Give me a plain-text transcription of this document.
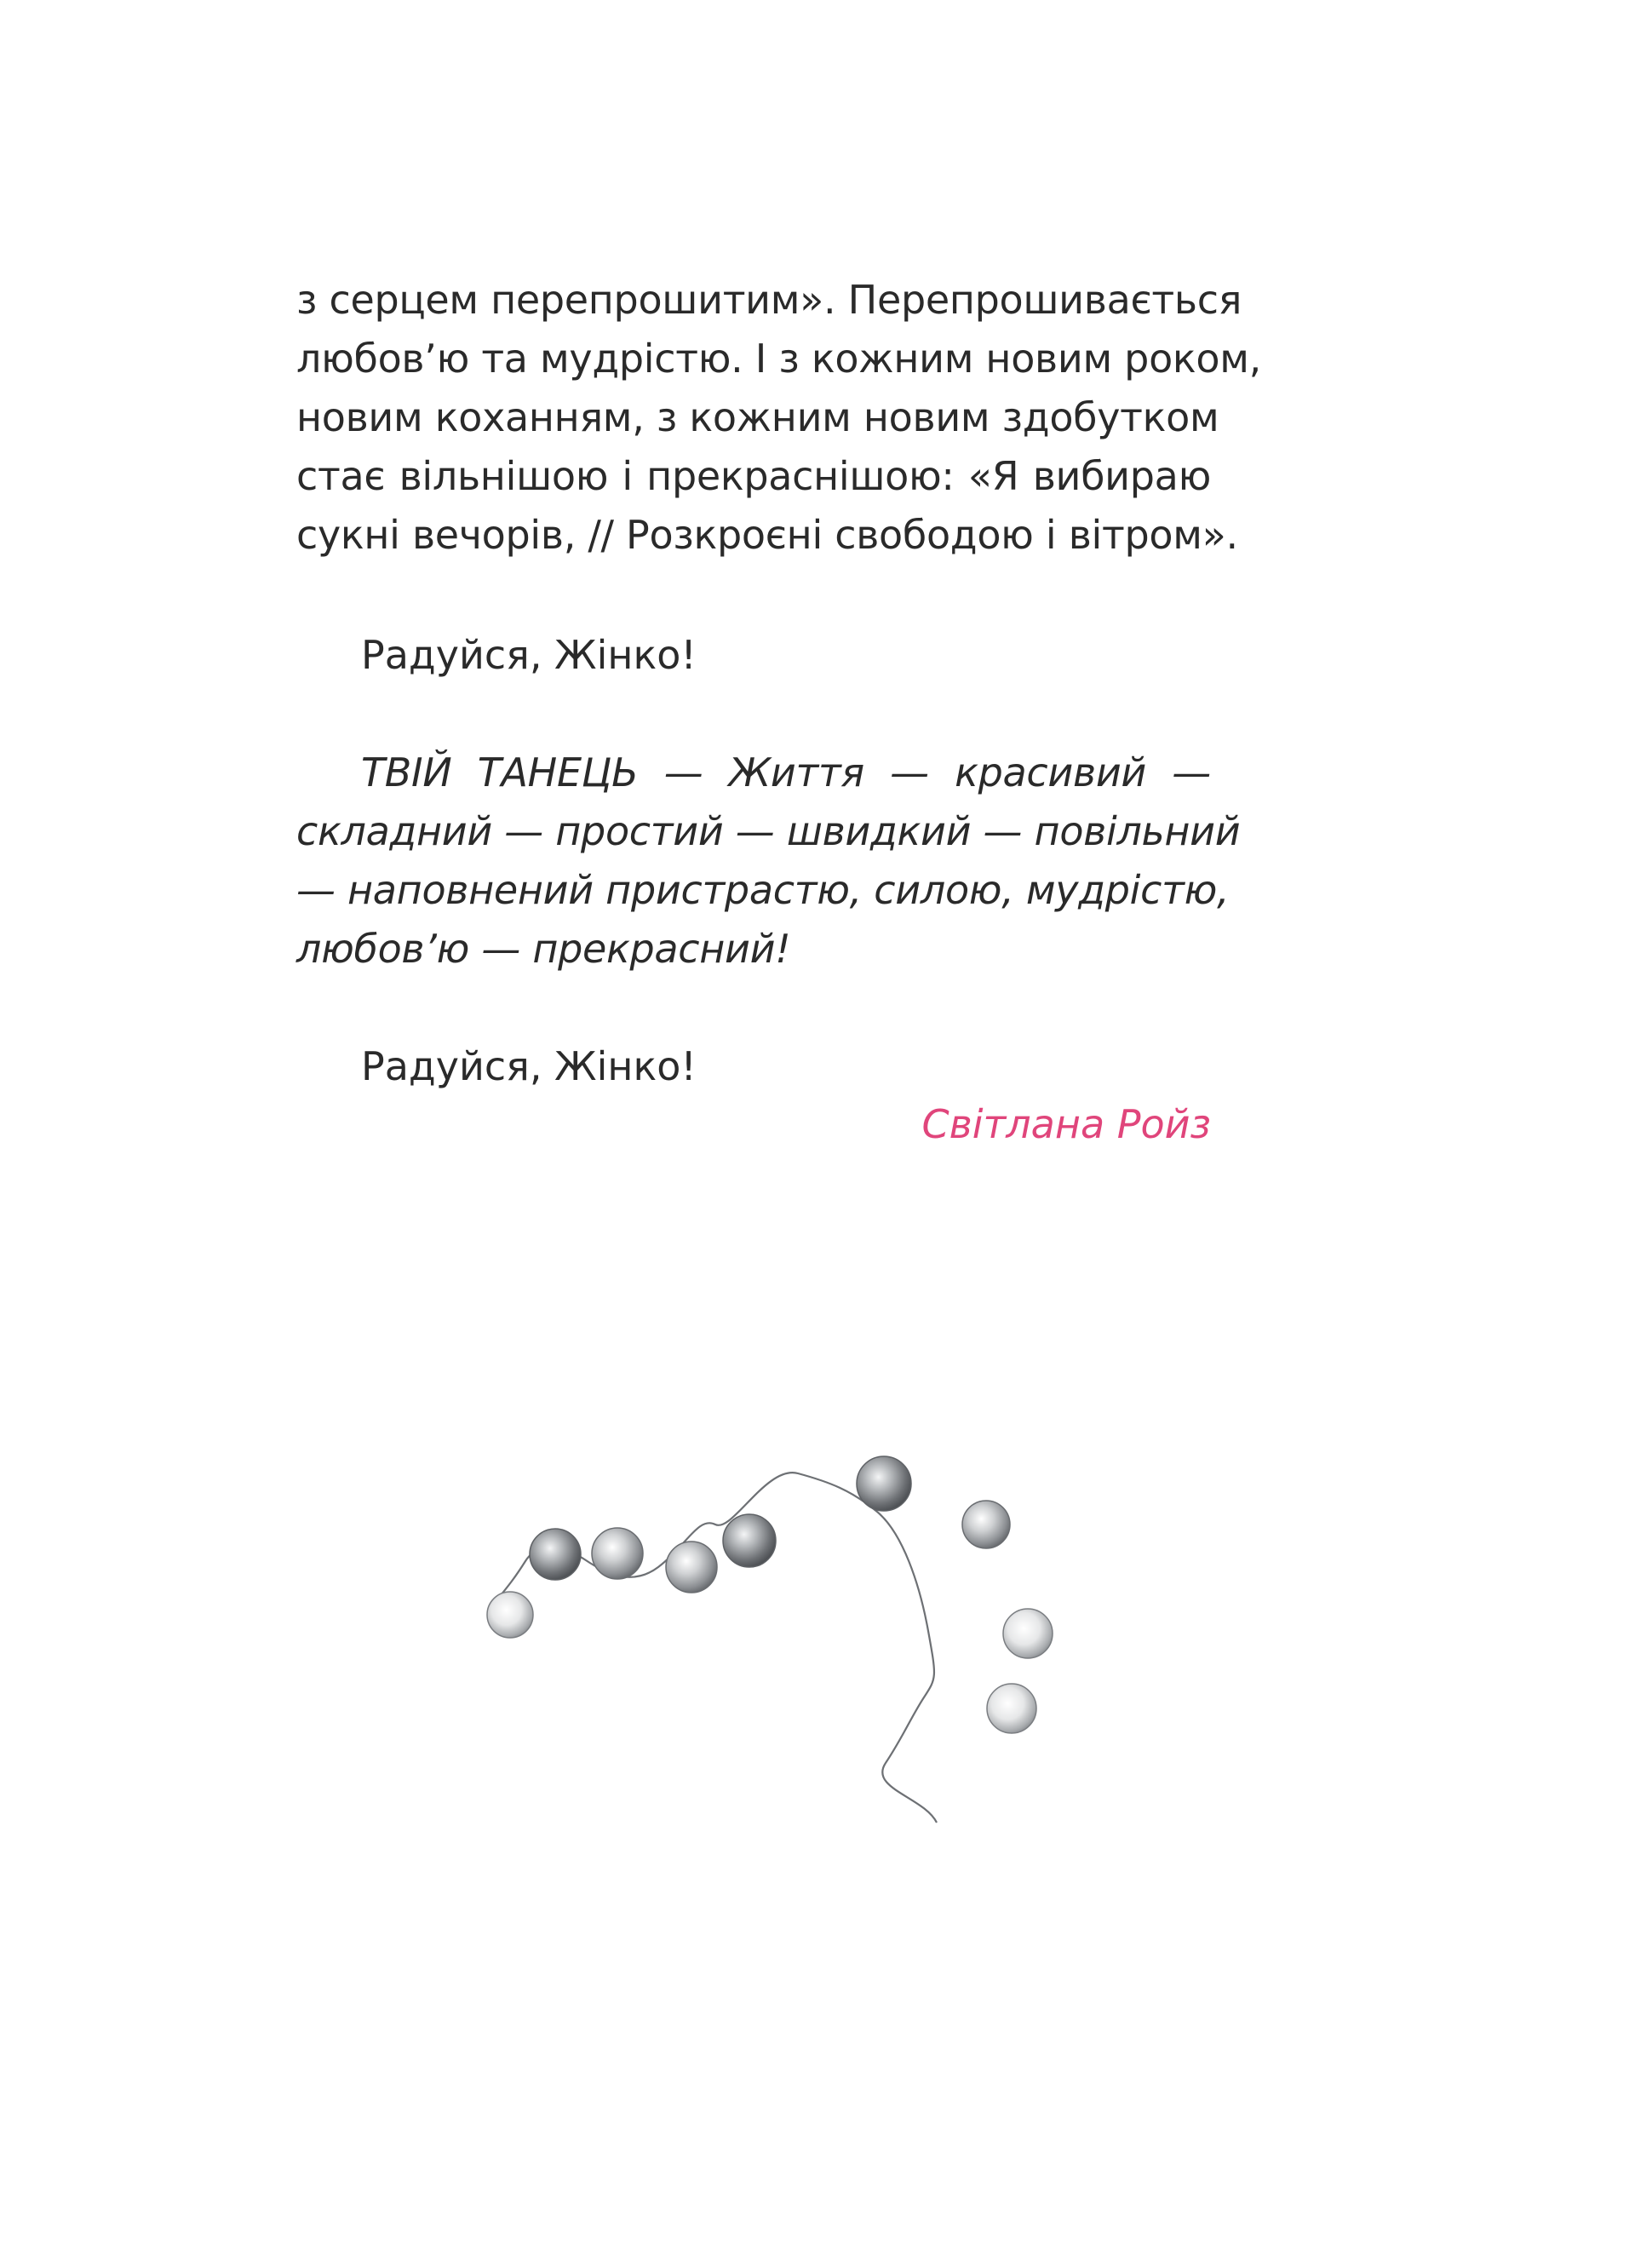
з серцем перепрошитим». Перепрошивається
любов’ю та мудрістю. І з кожним новим роком,
новим коханням, з кожним новим здобутком
стає вільнішою і прекраснішою: «Я вибираю
сукні вечорів, // Розкроєні свободою і вітром».
Радуйся, Жінко!
ТВІЙ ТАНЕЦЬ — Життя — красивий —
складний — простий — швидкий — повільний
— наповнений пристрастю, силою, мудрістю,
любов’ю — прекрасний!
Радуйся, Жінко!
Світлана Ройз
